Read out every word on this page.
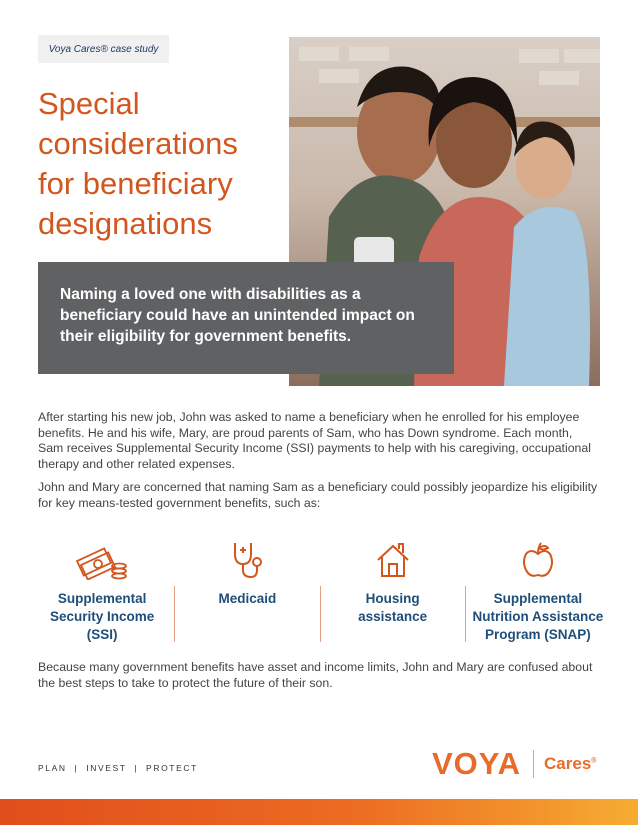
Voya Cares® case study
Special
considerations
for beneficiary
designations
Naming a loved one with disabilities as a
beneficiary could have an unintended impact on
their eligibility for government benefits.
After starting his new job, John was asked to name a beneficiary when he enrolled for his employee
benefits. He and his wife, Mary, are proud parents of Sam, who has Down syndrome. Each month,
Sam receives Supplemental Security Income (SSI) payments to help with his caregiving, occupational
therapy and other related expenses.
John and Mary are concerned that naming Sam as a beneficiary could possibly jeopardize his eligibility
for key means-tested government benefits, such as:
Supplemental
Security Income
(SSI)
Medicaid	Housing
assistance
Supplemental
Nutrition Assistance
Program (SNAP)
Because many government benefits have asset and income limits, John and Mary are confused about
the best steps to take to protect the future of their son.
PLAN  |  INVEST  |  PROTECT	VOYA Cares®
